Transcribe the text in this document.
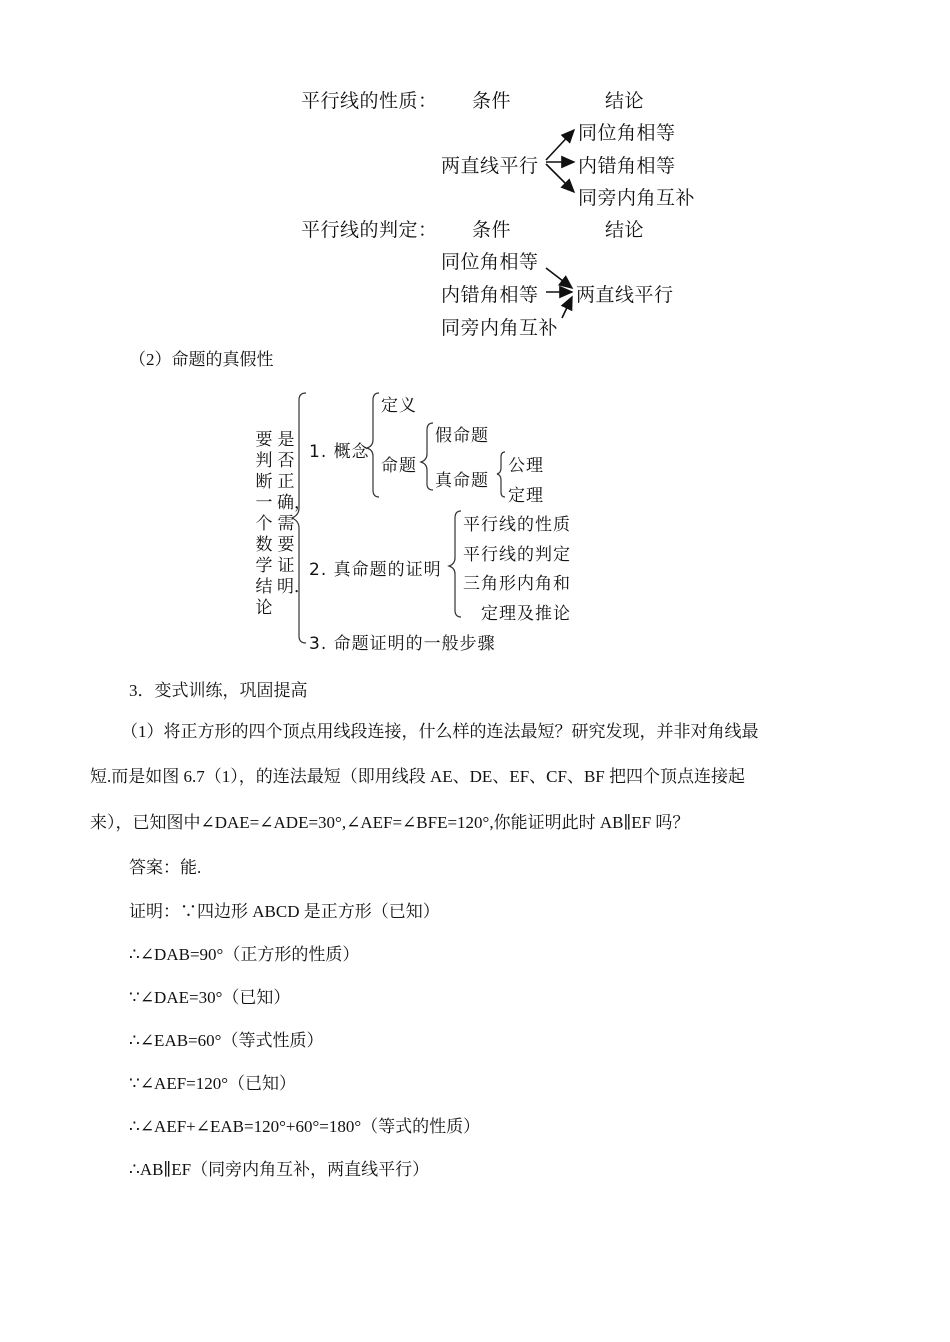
平行线的性质： 条件	结论
两直线平行
同位角相等
内错角相等
同旁内角互补
平行线的判定： 条件	结论
同位角相等
内错角相等
同旁内角互补
两直线平行
要判断一个数学结论
是否正确，需要证明．
1. 概念
定义
命题
假命题
真命题
公理
定理
2. 真命题的证明
平行线的性质
平行线的判定
三角形内角和
定理及推论
3. 命题证明的一般步骤
（2）命题的真假性
3．变式训练，巩固提高
（1）将正方形的四个顶点用线段连接，什么样的连法最短？研究发现，并非对角线最
短.而是如图 6.7（1），的连法最短（即用线段 AE、DE、EF、CF、BF 把四个顶点连接起
来），已知图中∠DAE=∠ADE=30°,∠AEF=∠BFE=120°,你能证明此时 AB∥EF 吗？
答案：能.
证明：∵四边形 ABCD 是正方形（已知）
∴∠DAB=90°（正方形的性质）
∵∠DAE=30°（已知）
∴∠EAB=60°（等式性质）
∵∠AEF=120°（已知）
∴∠AEF+∠EAB=120°+60°=180°（等式的性质）
∴AB∥EF（同旁内角互补，两直线平行）
